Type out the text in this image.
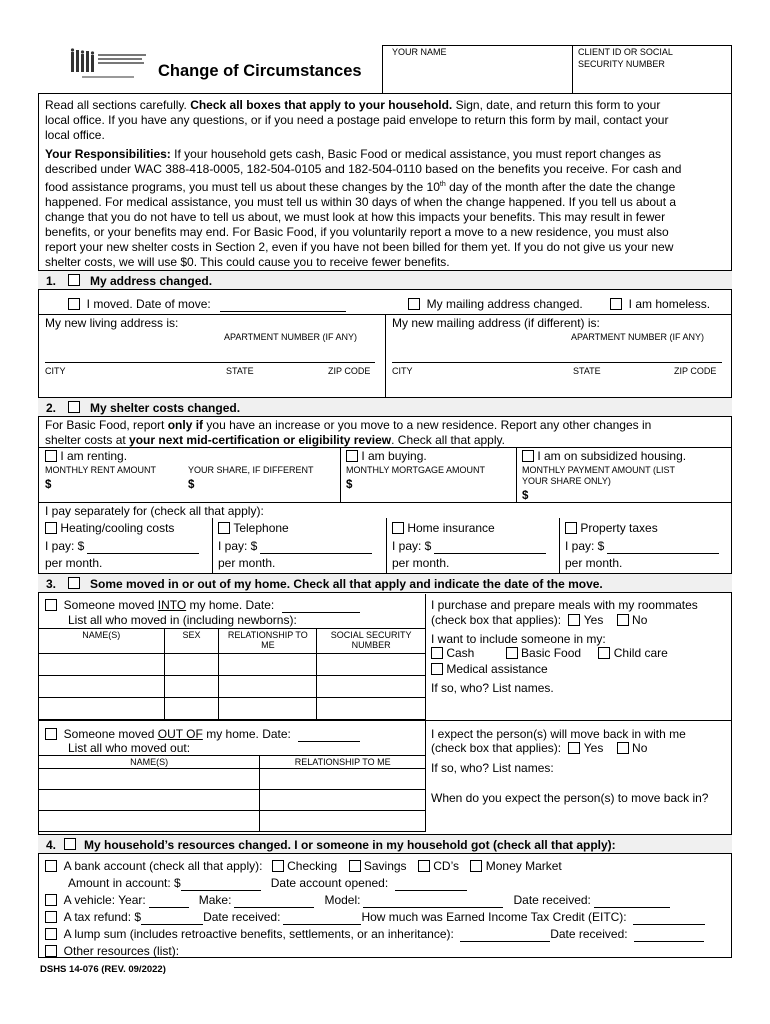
Change of Circumstances
YOUR NAME	CLIENT ID OR SOCIAL
SECURITY NUMBER
Read all sections carefully. Check all boxes that apply to your household. Sign, date, and return this form to your
local office. If you have any questions, or if you need a postage paid envelope to return this form by mail, contact your
local office.
Your Responsibilities: If your household gets cash, Basic Food or medical assistance, you must report changes as
described under WAC 388-418-0005, 182-504-0105 and 182-504-0110 based on the benefits you receive. For cash and
food assistance programs, you must tell us about these changes by the 10th day of the month after the date the change
happened. For medical assistance, you must tell us within 30 days of when the change happened. If you tell us about a
change that you do not have to tell us about, we must look at how this impacts your benefits. This may result in fewer
benefits, or your benefits may end. For Basic Food, if you voluntarily report a move to a new residence, you must also
report your new shelter costs in Section 2, even if you have not been billed for them yet. If you do not give us your new
shelter costs, we will use $0. This could cause you to receive fewer benefits.
1.	My address changed.
I moved. Date of move:	My mailing address changed.	I am homeless.
My new living address is:
APARTMENT NUMBER (IF ANY)
CITY	STATE	ZIP CODE
My new mailing address (if different) is:
APARTMENT NUMBER (IF ANY)
CITY	STATE	ZIP CODE
2.	My shelter costs changed.
For Basic Food, report only if you have an increase or you move to a new residence. Report any other changes in
shelter costs at your next mid-certification or eligibility review. Check all that apply.
I am renting.
MONTHLY RENT AMOUNT	YOUR SHARE, IF DIFFERENT
$	$
I am buying.
MONTHLY MORTGAGE AMOUNT
$
I am on subsidized housing.
MONTHLY PAYMENT AMOUNT (LIST
YOUR SHARE ONLY)
$
I pay separately for (check all that apply):
Heating/cooling costs
I pay: $
per month.
Telephone
I pay: $
per month.
Home insurance
I pay: $
per month.
Property taxes
I pay: $
per month.
3.	Some moved in or out of my home. Check all that apply and indicate the date of the move.
Someone moved INTO my home. Date:
List all who moved in (including newborns):
NAME(S)	SEX	RELATIONSHIP TO ME	SOCIAL SECURITY NUMBER

I purchase and prepare meals with my roommates
(check box that applies): Yes No
I want to include someone in my:
Cash	Basic Food	Child care
Medical assistance
If so, who? List names.
Someone moved OUT OF my home. Date:
List all who moved out:
NAME(S)	RELATIONSHIP TO ME

I expect the person(s) will move back in with me
(check box that applies): Yes No
If so, who? List names:
When do you expect the person(s) to move back in?
4. My household’s resources changed. I or someone in my household got (check all that apply):
A bank account (check all that apply): Checking Savings CD’s Money Market
Amount in account: $	Date account opened:
A vehicle: Year:	Make:	Model:	Date received:
A tax refund: $	Date received:	How much was Earned Income Tax Credit (EITC):
A lump sum (includes retroactive benefits, settlements, or an inheritance):	Date received:
Other resources (list):
DSHS 14-076 (REV. 09/2022)
